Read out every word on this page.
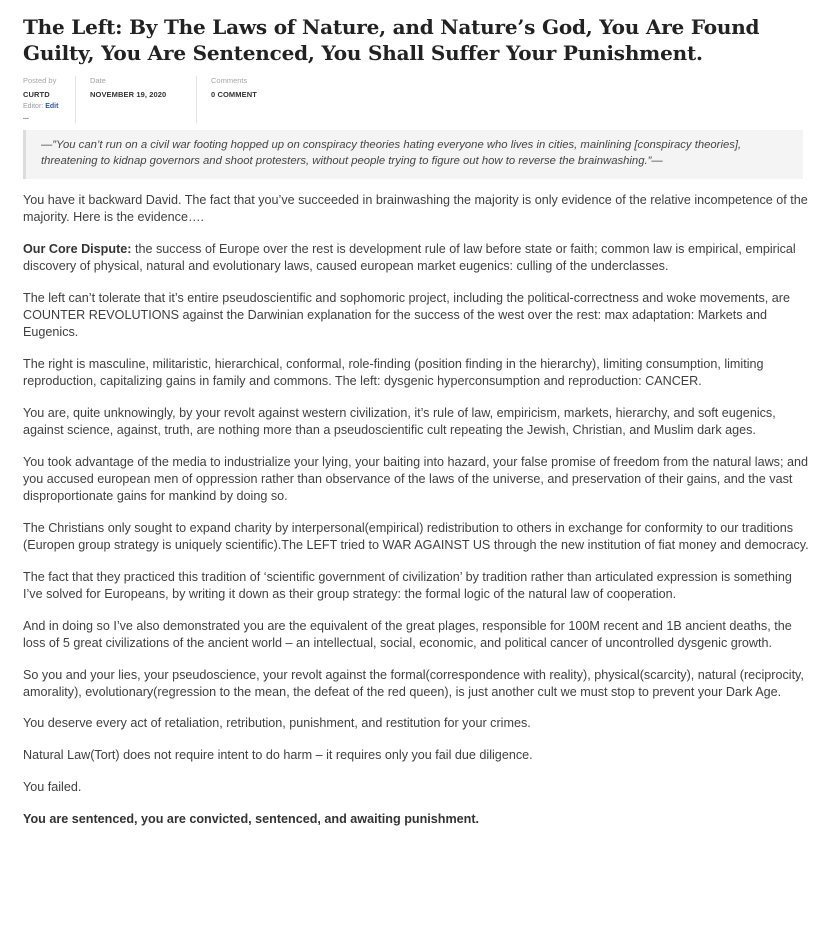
The Left: By The Laws of Nature, and Nature’s God, You Are Found Guilty, You Are Sentenced, You Shall Suffer Your Punishment.
Posted by
CURTD
Editor: Edit ...
Date
NOVEMBER 19, 2020
Comments
0 COMMENT
—”You can’t run on a civil war footing hopped up on conspiracy theories hating everyone who lives in cities, mainlining [conspiracy theories], threatening to kidnap governors and shoot protesters, without people trying to figure out how to reverse the brainwashing.”—

You have it backward David. The fact that you’ve succeeded in brainwashing the majority is only evidence of the relative incompetence of the majority. Here is the evidence….

Our Core Dispute: the success of Europe over the rest is development rule of law before state or faith; common law is empirical, empirical discovery of physical, natural and evolutionary laws, caused european market eugenics: culling of the underclasses.

The left can’t tolerate that it’s entire pseudoscientific and sophomoric project, including the political-correctness and woke movements, are COUNTER REVOLUTIONS against the Darwinian explanation for the success of the west over the rest: max adaptation: Markets and Eugenics.

The right is masculine, militaristic, hierarchical, conformal, role-finding (position finding in the hierarchy), limiting consumption, limiting reproduction, capitalizing gains in family and commons. The left: dysgenic hyperconsumption and reproduction: CANCER.

You are, quite unknowingly, by your revolt against western civilization, it’s rule of law, empiricism, markets, hierarchy, and soft eugenics, against science, against, truth, are nothing more than a pseudoscientific cult repeating the Jewish, Christian, and Muslim dark ages.

You took advantage of the media to industrialize your lying, your baiting into hazard, your false promise of freedom from the natural laws; and you accused european men of oppression rather than observance of the laws of the universe, and preservation of their gains, and the vast disproportionate gains for mankind by doing so.

The Christians only sought to expand charity by interpersonal(empirical) redistribution to others in exchange for conformity to our traditions (Europen group strategy is uniquely scientific).The LEFT tried to WAR AGAINST US through the new institution of fiat money and democracy.

The fact that they practiced this tradition of ‘scientific government of civilization’ by tradition rather than articulated expression is something I’ve solved for Europeans, by writing it down as their group strategy: the formal logic of the natural law of cooperation.

And in doing so I’ve also demonstrated you are the equivalent of the great plages, responsible for 100M recent and 1B ancient deaths, the loss of 5 great civilizations of the ancient world – an intellectual, social, economic, and political cancer of uncontrolled dysgenic growth.

So you and your lies, your pseudoscience, your revolt against the formal(correspondence with reality), physical(scarcity), natural (reciprocity, amorality), evolutionary(regression to the mean, the defeat of the red queen), is just another cult we must stop to prevent your Dark Age.

You deserve every act of retaliation, retribution, punishment, and restitution for your crimes.

Natural Law(Tort) does not require intent to do harm – it requires only you fail due diligence.

You failed.

You are sentenced, you are convicted, sentenced, and awaiting punishment.
